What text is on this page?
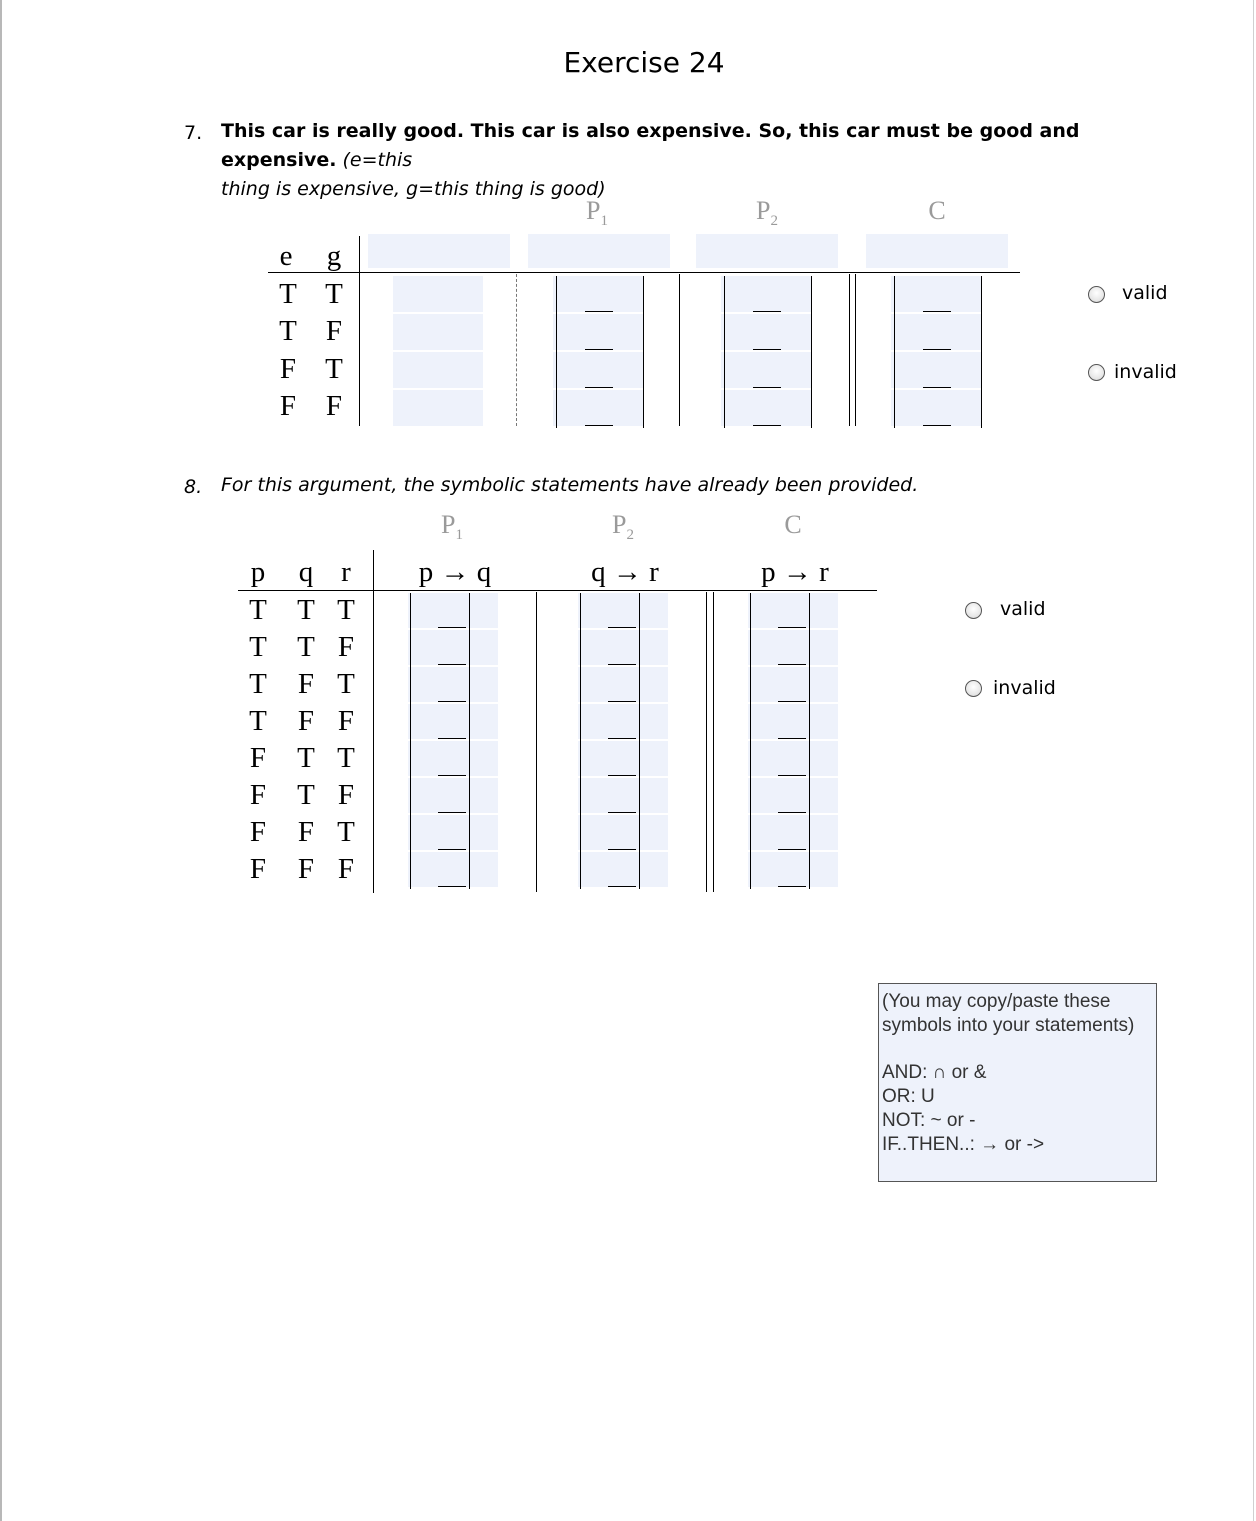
Exercise 24
7. This car is really good. This car is also expensive. So, this car must be good and expensive. (e=this
thing is expensive, g=this thing is good)
$P_1$	$P_2$	C
e	g
T T
T	F
F	T
F	F
valid
invalid
8. For this argument, the symbolic statements have already been provided.
$P_1$	$P_2$	C
p	q r	p → q	q → r	p → r
T	T T
T	T F
T	F T
T	F F
F	T T
F	T F
F	F T
F	F F
valid
invalid
(You may copy/paste these symbols into your statements)
AND: ∩ or &
OR: U
NOT: ~ or -
IF..THEN..: → or ->
